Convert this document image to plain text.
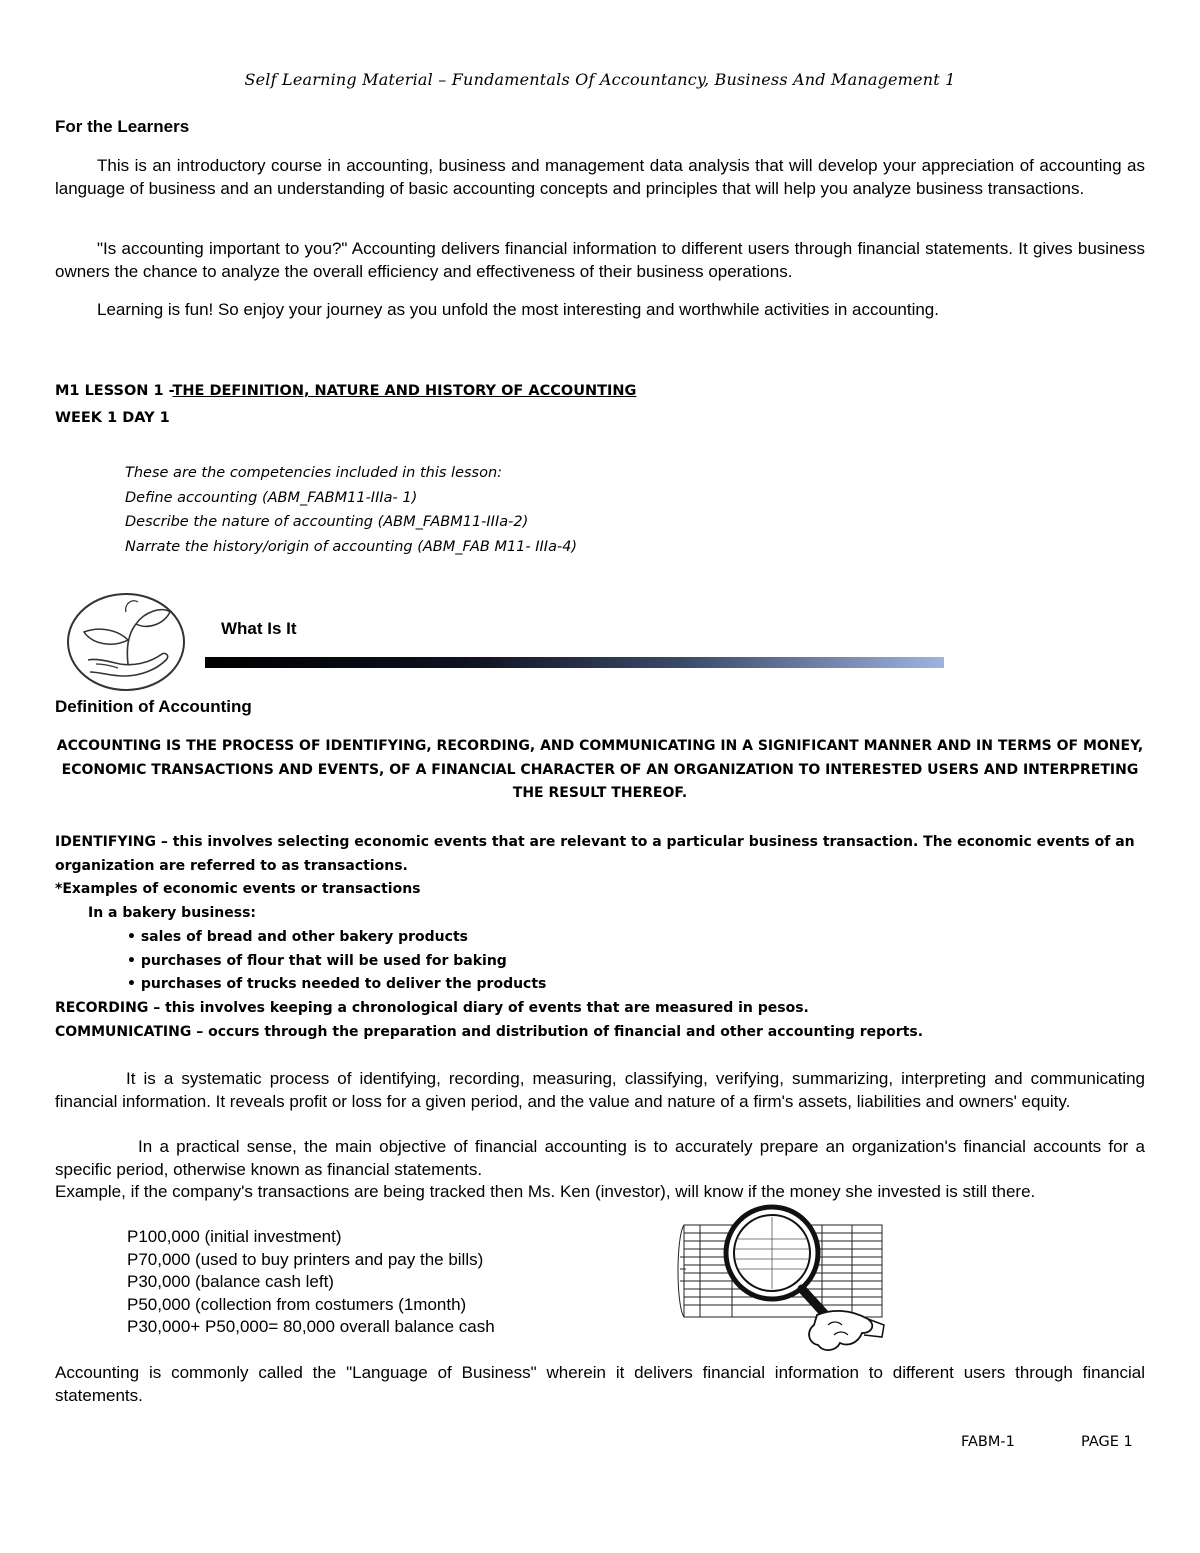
Self Learning Material – Fundamentals Of Accountancy, Business And Management 1
For the Learners
This is an introductory course in accounting, business and management data analysis that will develop your appreciation of accounting as language of business and an understanding of basic accounting concepts and principles that will help you analyze business transactions.
"Is accounting important to you?" Accounting delivers financial information to different users through financial statements. It gives business owners the chance to analyze the overall efficiency and effectiveness of their business operations.
Learning is fun! So enjoy your journey as you unfold the most interesting and worthwhile activities in accounting.
M1 LESSON 1 -THE DEFINITION, NATURE AND HISTORY OF ACCOUNTING
WEEK 1 DAY 1
These are the competencies included in this lesson:
Define accounting (ABM_FABM11-IIIa- 1)
Describe the nature of accounting (ABM_FABM11-IIIa-2)
Narrate the history/origin of accounting (ABM_FAB M11- IIIa-4)
What Is It
Definition of Accounting
ACCOUNTING IS THE PROCESS OF IDENTIFYING, RECORDING, AND COMMUNICATING IN A SIGNIFICANT MANNER AND IN TERMS OF MONEY, ECONOMIC TRANSACTIONS AND EVENTS, OF A FINANCIAL CHARACTER OF AN ORGANIZATION TO INTERESTED USERS AND INTERPRETING THE RESULT THEREOF.
IDENTIFYING – this involves selecting economic events that are relevant to a particular business transaction. The economic events of an organization are referred to as transactions.
*Examples of economic events or transactions
In a bakery business:
• sales of bread and other bakery products
• purchases of flour that will be used for baking
• purchases of trucks needed to deliver the products
RECORDING – this involves keeping a chronological diary of events that are measured in pesos.
COMMUNICATING – occurs through the preparation and distribution of financial and other accounting reports.
It is a systematic process of identifying, recording, measuring, classifying, verifying, summarizing, interpreting and communicating financial information. It reveals profit or loss for a given period, and the value and nature of a firm's assets, liabilities and owners' equity.
In a practical sense, the main objective of financial accounting is to accurately prepare an organization's financial accounts for a specific period, otherwise known as financial statements.
Example, if the company's transactions are being tracked then Ms. Ken (investor), will know if the money she invested is still there.
P100,000 (initial investment)
P70,000 (used to buy printers and pay the bills)
P30,000 (balance cash left)
P50,000 (collection from costumers (1month)
P30,000+ P50,000= 80,000 overall balance cash
Accounting is commonly called the "Language of Business" wherein it delivers financial information to different users through financial statements.
FABM-1	PAGE 1
